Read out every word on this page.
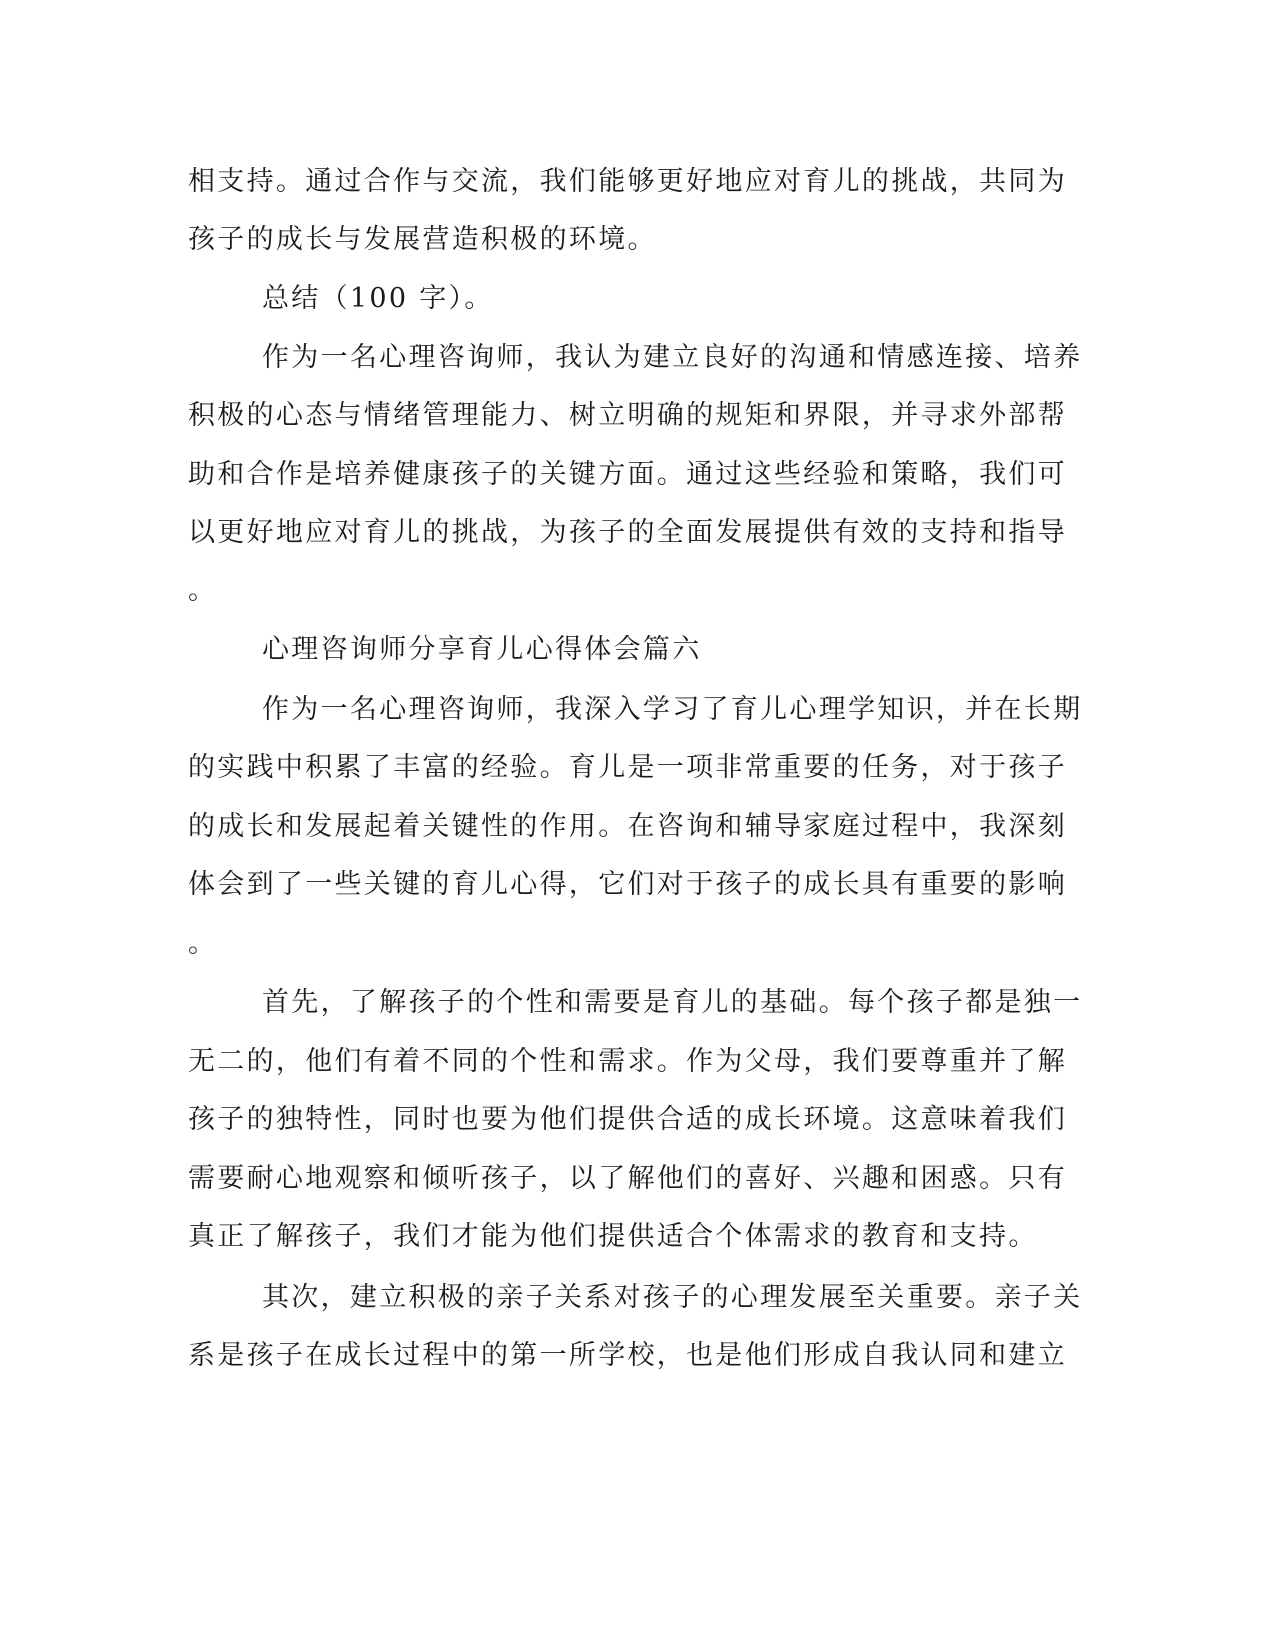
相支持。通过合作与交流，我们能够更好地应对育儿的挑战，共同为
孩子的成长与发展营造积极的环境。
总结（100 字）。
作为一名心理咨询师，我认为建立良好的沟通和情感连接、培养
积极的心态与情绪管理能力、树立明确的规矩和界限，并寻求外部帮
助和合作是培养健康孩子的关键方面。通过这些经验和策略，我们可
以更好地应对育儿的挑战，为孩子的全面发展提供有效的支持和指导
。
心理咨询师分享育儿心得体会篇六
作为一名心理咨询师，我深入学习了育儿心理学知识，并在长期
的实践中积累了丰富的经验。育儿是一项非常重要的任务，对于孩子
的成长和发展起着关键性的作用。在咨询和辅导家庭过程中，我深刻
体会到了一些关键的育儿心得，它们对于孩子的成长具有重要的影响
。
首先，了解孩子的个性和需要是育儿的基础。每个孩子都是独一
无二的，他们有着不同的个性和需求。作为父母，我们要尊重并了解
孩子的独特性，同时也要为他们提供合适的成长环境。这意味着我们
需要耐心地观察和倾听孩子，以了解他们的喜好、兴趣和困惑。只有
真正了解孩子，我们才能为他们提供适合个体需求的教育和支持。
其次，建立积极的亲子关系对孩子的心理发展至关重要。亲子关
系是孩子在成长过程中的第一所学校，也是他们形成自我认同和建立
